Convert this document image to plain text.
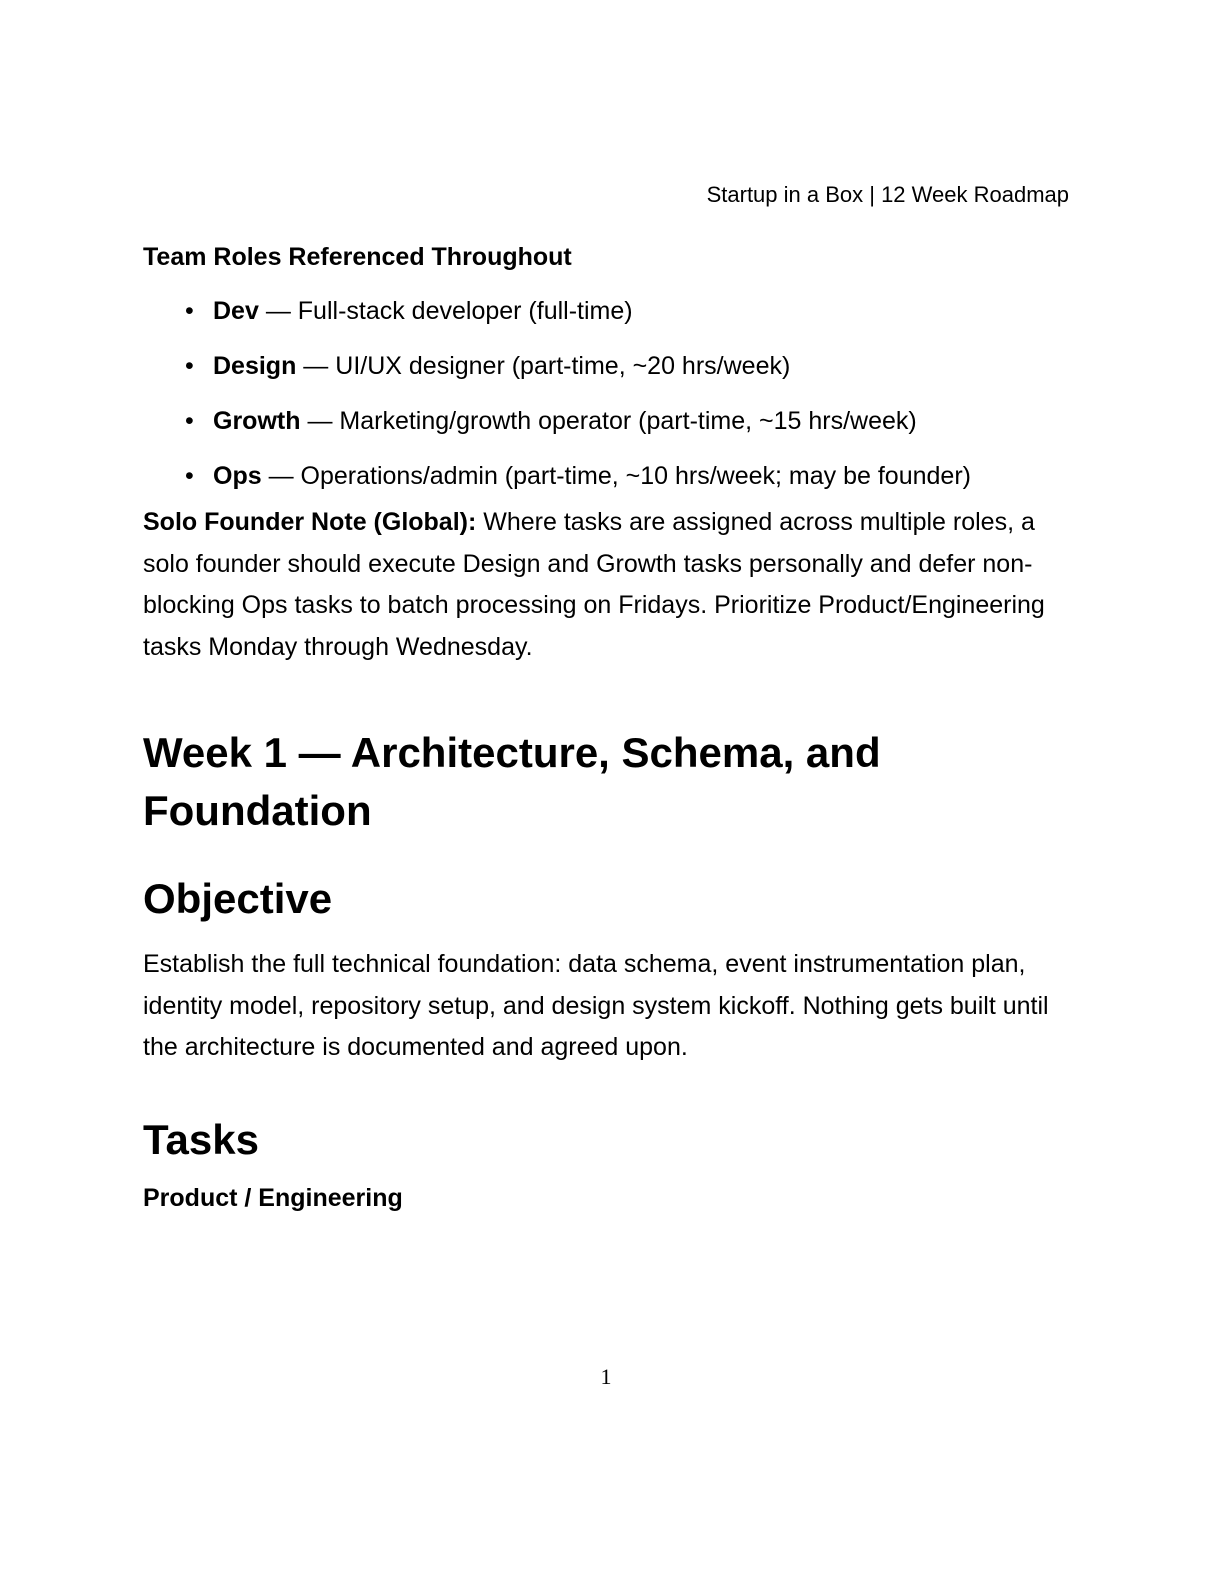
Startup in a Box | 12 Week Roadmap

Team Roles Referenced Throughout

• Dev — Full-stack developer (full-time)
• Design — UI/UX designer (part-time, ~20 hrs/week)
• Growth — Marketing/growth operator (part-time, ~15 hrs/week)
• Ops — Operations/admin (part-time, ~10 hrs/week; may be founder)

Solo Founder Note (Global): Where tasks are assigned across multiple roles, a solo founder should execute Design and Growth tasks personally and defer non-blocking Ops tasks to batch processing on Fridays. Prioritize Product/Engineering tasks Monday through Wednesday.

Week 1 — Architecture, Schema, and Foundation
Objective

Establish the full technical foundation: data schema, event instrumentation plan, identity model, repository setup, and design system kickoff. Nothing gets built until the architecture is documented and agreed upon.

Tasks

Product / Engineering

1
